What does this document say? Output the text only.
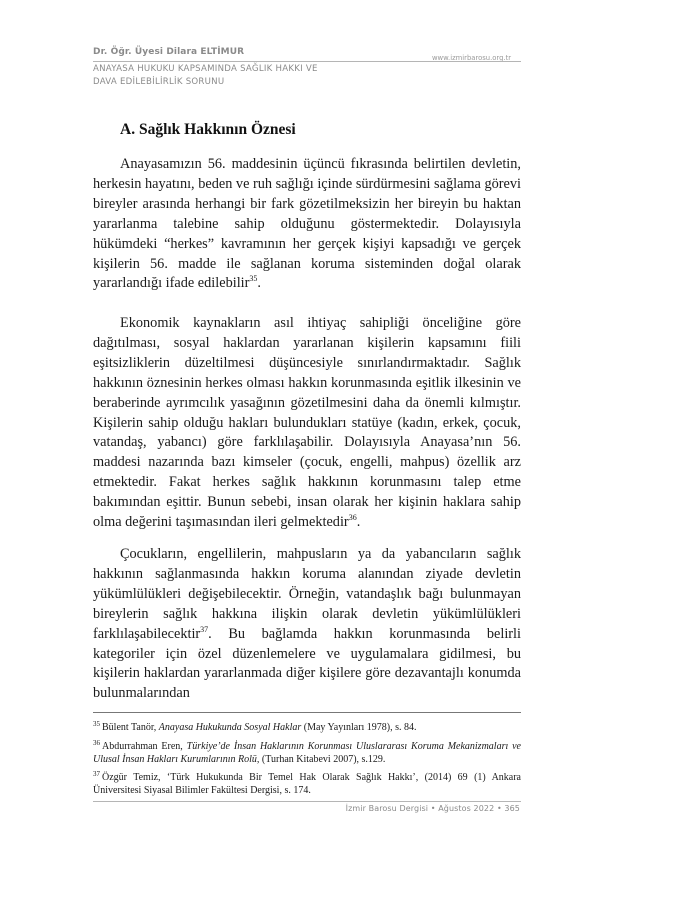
Dr. Öğr. Üyesi Dilara ELTİMUR
www.izmirbarosu.org.tr
ANAYASA HUKUKU KAPSAMINDA SAĞLIK HAKKI VE
DAVA EDİLEBİLİRLİK SORUNU
A. Sağlık Hakkının Öznesi

Anayasamızın 56. maddesinin üçüncü fıkrasında belirtilen devletin, herkesin hayatını, beden ve ruh sağlığı içinde sürdürmesini sağlama görevi bireyler arasında herhangi bir fark gözetilmeksizin her bireyin bu haktan yararlanma talebine sahip olduğunu göstermektedir. Dolayısıyla hükümdeki “herkes” kavramının her gerçek kişiyi kapsadığı ve gerçek kişilerin 56. madde ile sağlanan koruma sisteminden doğal olarak yararlandığı ifade edilebilir$^{35}$.

Ekonomik kaynakların asıl ihtiyaç sahipliği önceliğine göre dağıtılması, sosyal haklardan yararlanan kişilerin kapsamını fiili eşitsizliklerin düzeltilmesi düşüncesiyle sınırlandırmaktadır. Sağlık hakkının öznesinin herkes olması hakkın korunmasında eşitlik ilkesinin ve beraberinde ayrımcılık yasağının gözetilmesini daha da önemli kılmıştır. Kişilerin sahip olduğu hakları bulundukları statüye (kadın, erkek, çocuk, vatandaş, yabancı) göre farklılaşabilir. Dolayısıyla Anayasa’nın 56. maddesi nazarında bazı kimseler (çocuk, engelli, mahpus) özellik arz etmektedir. Fakat herkes sağlık hakkının korunmasını talep etme bakımından eşittir. Bunun sebebi, insan olarak her kişinin haklara sahip olma değerini taşımasından ileri gelmektedir$^{36}$.

Çocukların, engellilerin, mahpusların ya da yabancıların sağlık hakkının sağlanmasında hakkın koruma alanından ziyade devletin yükümlülükleri değişebilecektir. Örneğin, vatandaşlık bağı bulunmayan bireylerin sağlık hakkına ilişkin olarak devletin yükümlülükleri farklılaşabilecektir$^{37}$. Bu bağlamda hakkın korunmasında belirli kategoriler için özel düzenlemelere ve uygulamalara gidilmesi, bu kişilerin haklardan yararlanmada diğer kişilere göre dezavantajlı konumda bulunmalarından

$^{35}$ Bülent Tanör, Anayasa Hukukunda Sosyal Haklar (May Yayınları 1978), s. 84.
$^{36}$ Abdurrahman Eren, Türkiye’de İnsan Haklarının Korunması Uluslararası Koruma Mekanizmaları ve Ulusal İnsan Hakları Kurumlarının Rolü, (Turhan Kitabevi 2007), s.129.
$^{37}$ Özgür Temiz, ‘Türk Hukukunda Bir Temel Hak Olarak Sağlık Hakkı’, (2014) 69 (1) Ankara Üniversitesi Siyasal Bilimler Fakültesi Dergisi, s. 174.
İzmir Barosu Dergisi • Ağustos 2022 • 365
